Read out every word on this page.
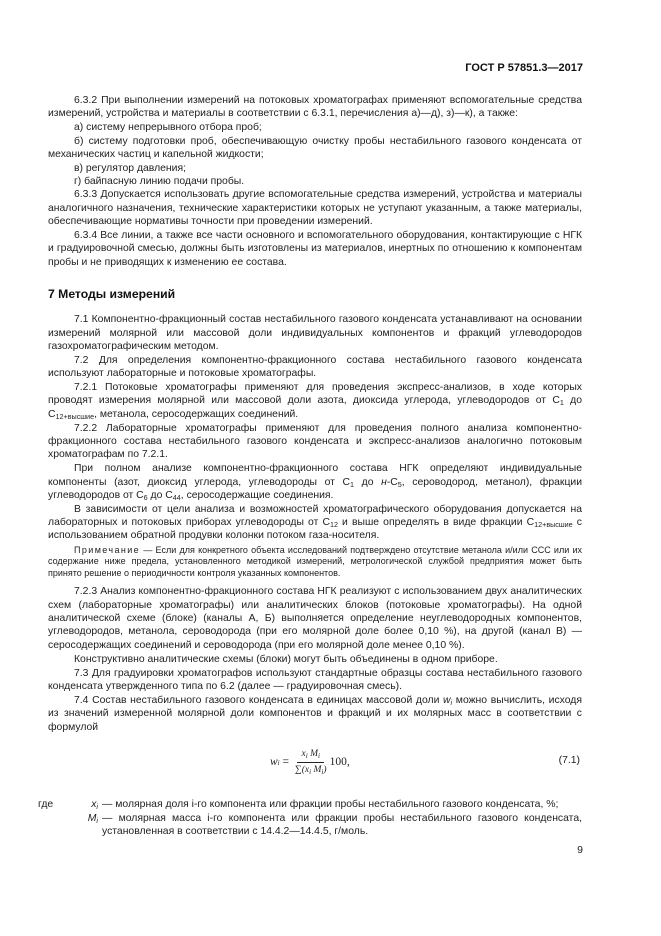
ГОСТ Р 57851.3—2017

6.3.2 При выполнении измерений на потоковых хроматографах применяют вспомогательные средства измерений, устройства и материалы в соответствии с 6.3.1, перечисления а)—д), з)—к), а также:

а) систему непрерывного отбора проб;

б) систему подготовки проб, обеспечивающую очистку пробы нестабильного газового конденсата от механических частиц и капельной жидкости;

в) регулятор давления;

г) байпасную линию подачи пробы.

6.3.3 Допускается использовать другие вспомогательные средства измерений, устройства и материалы аналогичного назначения, технические характеристики которых не уступают указанным, а также материалы, обеспечивающие нормативы точности при проведении измерений.

6.3.4 Все линии, а также все части основного и вспомогательного оборудования, контактирующие с НГК и градуировочной смесью, должны быть изготовлены из материалов, инертных по отношению к компонентам пробы и не приводящих к изменению ее состава.

7 Методы измерений

7.1 Компонентно-фракционный состав нестабильного газового конденсата устанавливают на основании измерений молярной или массовой доли индивидуальных компонентов и фракций углеводородов газохроматографическим методом.

7.2 Для определения компонентно-фракционного состава нестабильного газового конденсата используют лабораторные и потоковые хроматографы.

7.2.1 Потоковые хроматографы применяют для проведения экспресс-анализов, в ходе которых проводят измерения молярной или массовой доли азота, диоксида углерода, углеводородов от $С_1$ до $С_{12+высшие}$, метанола, серосодержащих соединений.

7.2.2 Лабораторные хроматографы применяют для проведения полного анализа компонентно-фракционного состава нестабильного газового конденсата и экспресс-анализов аналогично потоковым хроматографам по 7.2.1.

При полном анализе компонентно-фракционного состава НГК определяют индивидуальные компоненты (азот, диоксид углерода, углеводороды от $С_1$ до $н-С_5$, сероводород, метанол), фракции углеводородов от $С_6$ до $С_{44}$, серосодержащие соединения.

В зависимости от цели анализа и возможностей хроматографического оборудования допускается на лабораторных и потоковых приборах углеводороды от $С_{12}$ и выше определять в виде фракции $С_{12+высшие}$ с использованием обратной продувки колонки потоком газа-носителя.

Примечание — Если для конкретного объекта исследований подтверждено отсутствие метанола и/или ССС или их содержание ниже предела, установленного методикой измерений, метрологической службой предприятия может быть принято решение о периодичности контроля указанных компонентов.

7.2.3 Анализ компонентно-фракционного состава НГК реализуют с использованием двух аналитических схем (лабораторные хроматографы) или аналитических блоков (потоковые хроматографы). На одной аналитической схеме (блоке) (каналы А, Б) выполняется определение неуглеводородных компонентов, углеводородов, метанола, сероводорода (при его молярной доле более 0,10 %), на другой (канал В) — серосодержащих соединений и сероводорода (при его молярной доле менее 0,10 %).

Конструктивно аналитические схемы (блоки) могут быть объединены в одном приборе.

7.3 Для градуировки хроматографов используют стандартные образцы состава нестабильного газового конденсата утвержденного типа по 6.2 (далее — градуировочная смесь).

7.4 Состав нестабильного газового конденсата в единицах массовой доли $w_i$ можно вычислить, исходя из значений измеренной молярной доли компонентов и фракций и их молярных масс в соответствии с формулой

w $i = \frac{x_i M_i}{\sum(x_i M_i)} 100$,	(7.1)
где	$x_i$ — молярная доля i-го компонента или фракции пробы нестабильного газового конденсата, %;
$M_i$ — молярная масса i-го компонента или фракции пробы нестабильного газового конденсата, установленная в соответствии с 14.4.2—14.4.5, г/моль.
9
